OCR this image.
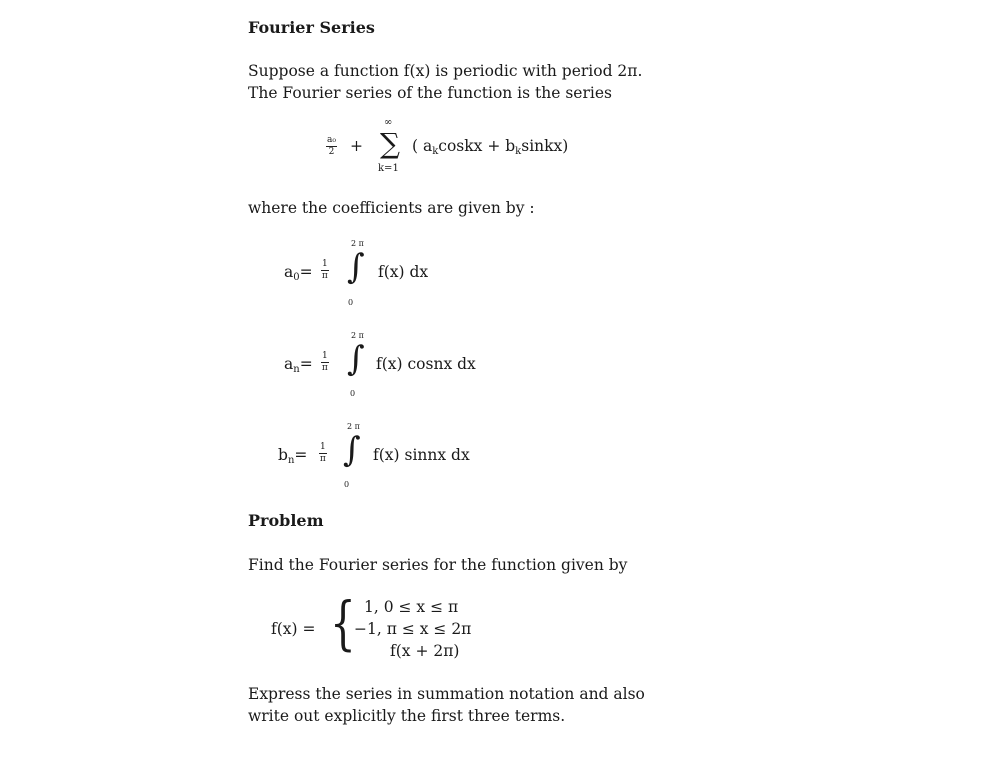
Fourier Series
Suppose a function f(x) is periodic with period 2π.
The Fourier series of the function is the series
$\frac{\text{a₀}}{2}$ +
∞
∑
k=1
( $a_kcoskx$ + $b_ksinkx$)
where the coefficients are given by :
$a_0= \frac{1}{\pi}$
2 π
∫
0
f(x) dx
$a_n= \frac{1}{\pi}$
2 π
∫
0
f(x) cosnx dx
$b_n= \frac{1}{\pi}$
2 π
∫
0
f(x) sinnx dx
Problem
Find the Fourier series for the function given by
f(x) = { 1, 0 ≤ x ≤ π
−1, π ≤ x ≤ 2π
f(x + 2π)
Express the series in summation notation and also
write out explicitly the first three terms.
